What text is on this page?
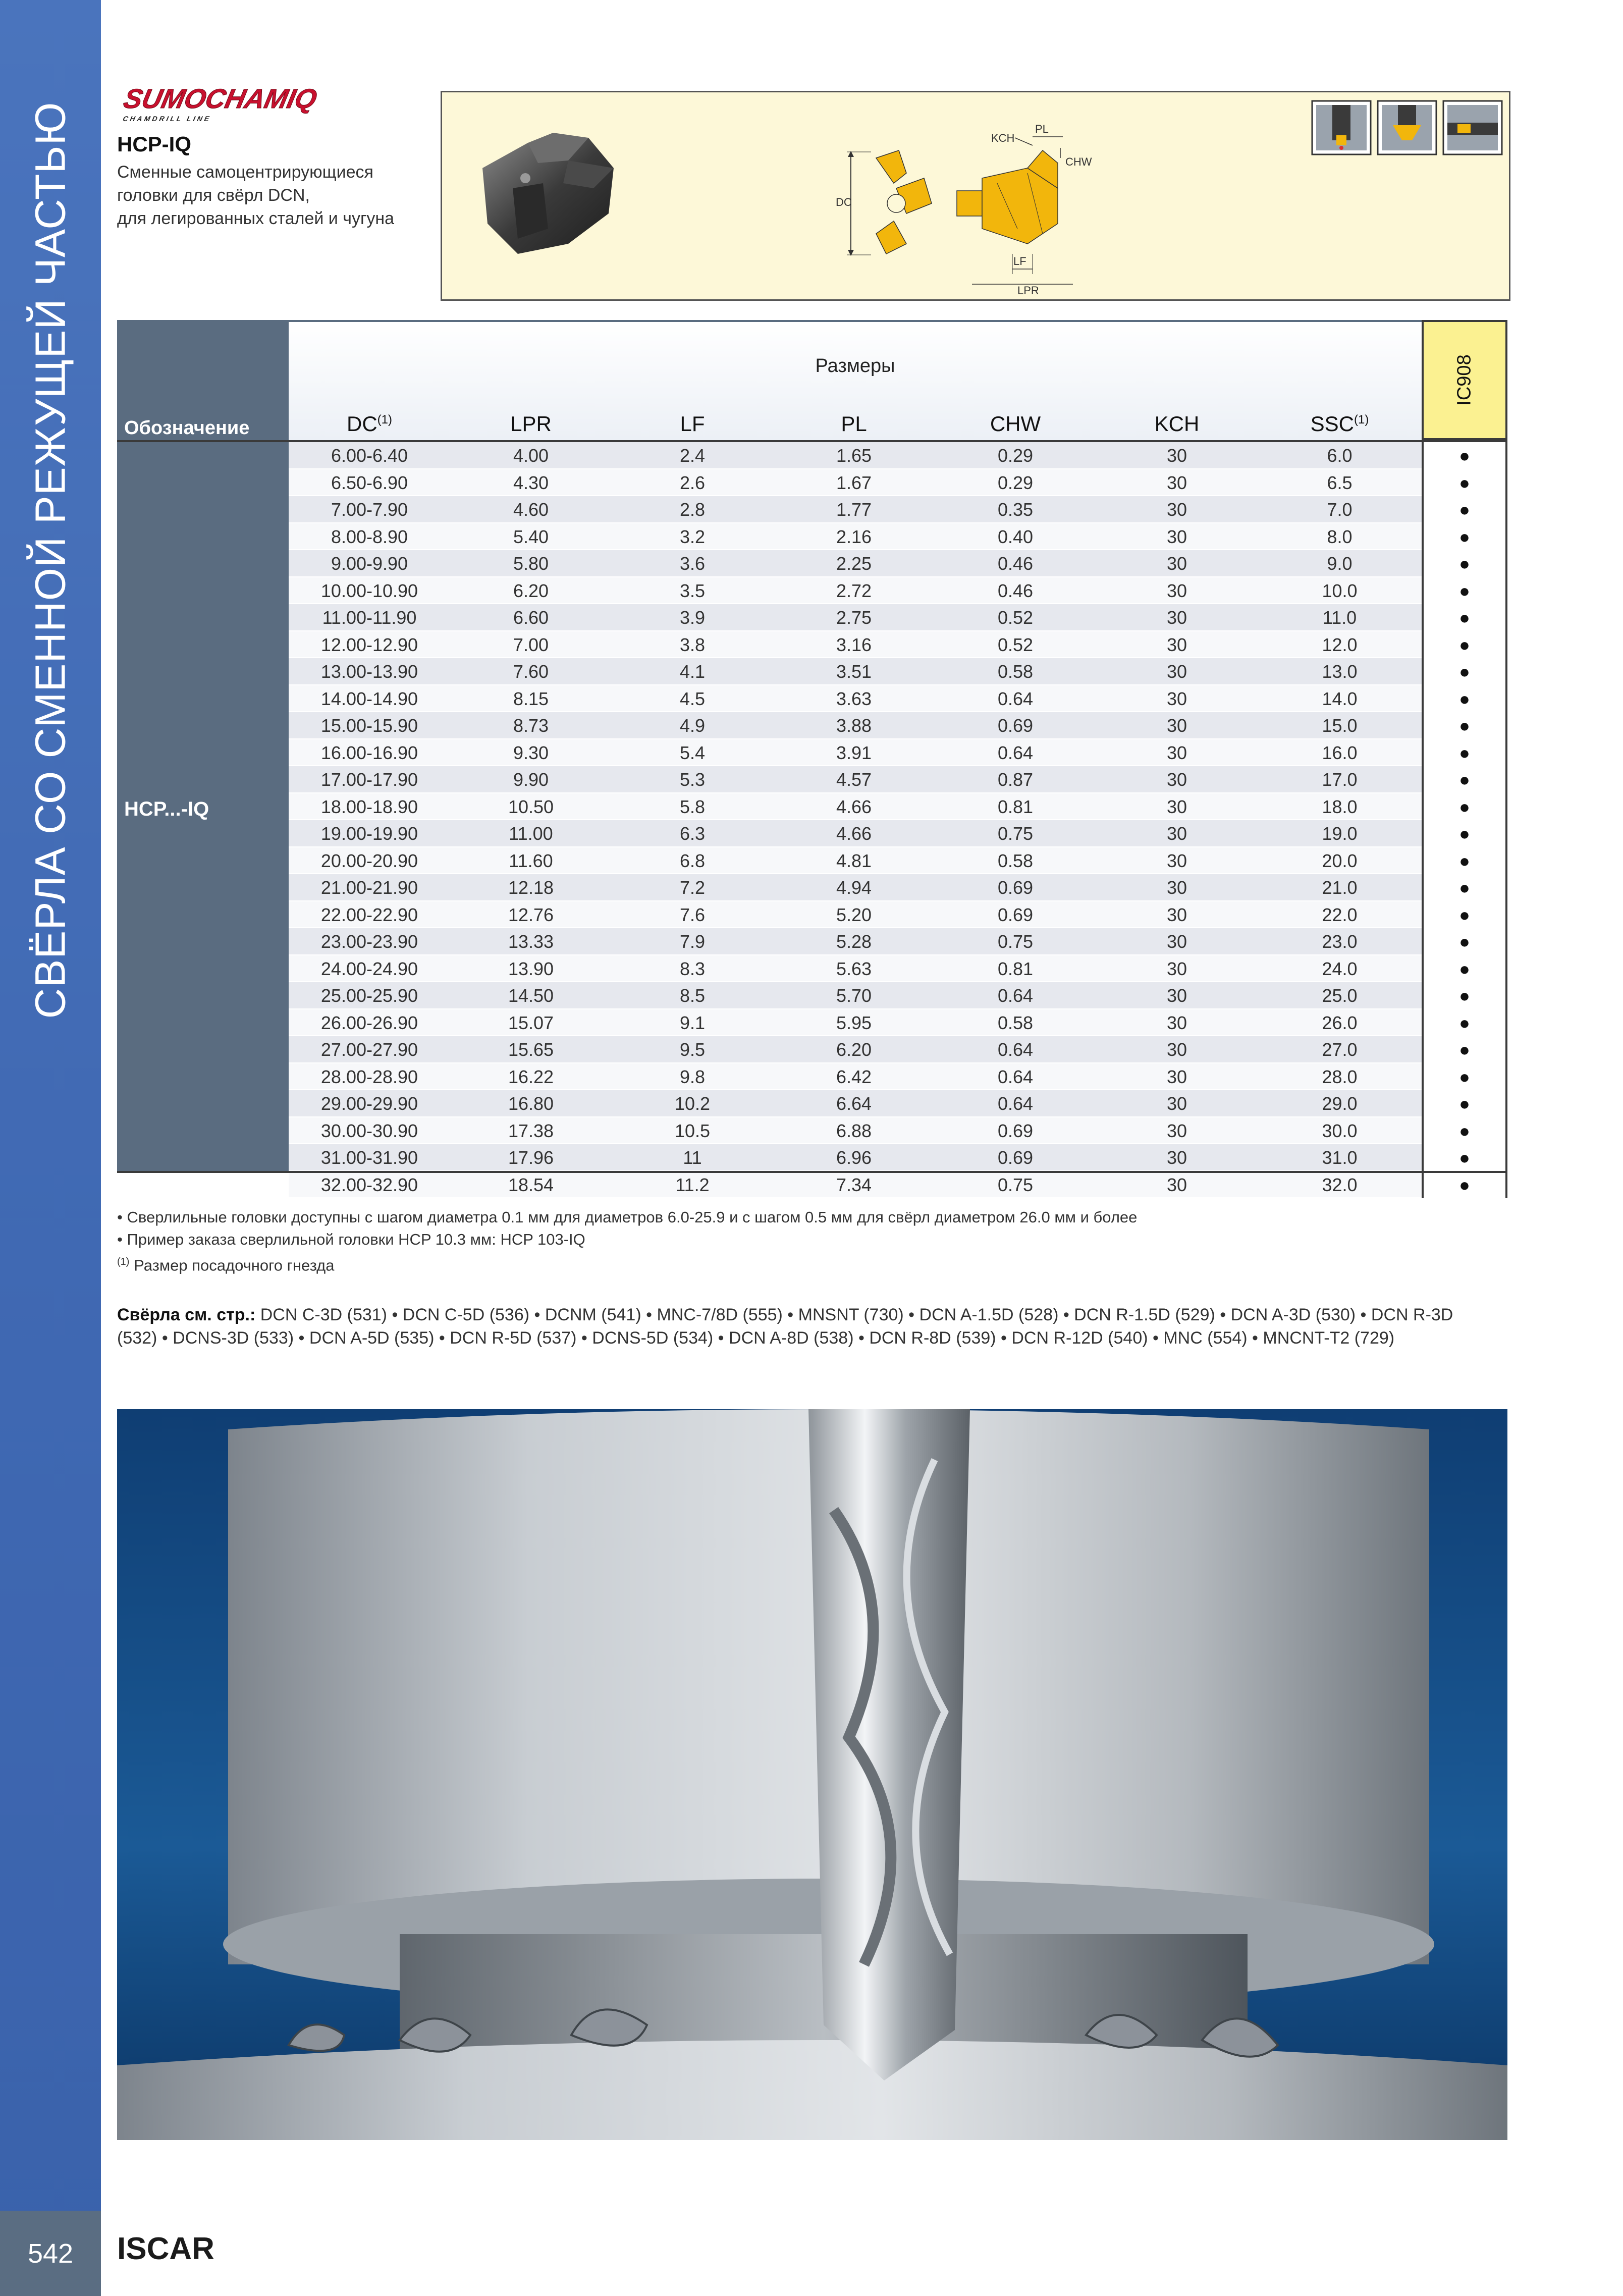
СВЁРЛА СО СМЕННОЙ РЕЖУЩЕЙ ЧАСТЬЮ
542	ISCAR
SUMOCHAMIQ
CHAMDRILL LINE
HCP-IQ
Сменные самоцентрирующиеся
головки для свёрл DCN,
для легированных сталей и чугуна
DC
PL
KCH
CHW
LF
LPR
Обозначение
Размеры
DC$^{(1)}$	LPR	LF	PL	CHW	KCH	SSC$^{(1)}$
IC908
HCP...-IQ
6.00-6.40	4.00	2.4	1.65	0.29	30	6.0	●
6.50-6.90	4.30	2.6	1.67	0.29	30	6.5	●
7.00-7.90	4.60	2.8	1.77	0.35	30	7.0	●
8.00-8.90	5.40	3.2	2.16	0.40	30	8.0	●
9.00-9.90	5.80	3.6	2.25	0.46	30	9.0	●
10.00-10.90	6.20	3.5	2.72	0.46	30	10.0	●
11.00-11.90	6.60	3.9	2.75	0.52	30	11.0	●
12.00-12.90	7.00	3.8	3.16	0.52	30	12.0	●
13.00-13.90	7.60	4.1	3.51	0.58	30	13.0	●
14.00-14.90	8.15	4.5	3.63	0.64	30	14.0	●
15.00-15.90	8.73	4.9	3.88	0.69	30	15.0	●
16.00-16.90	9.30	5.4	3.91	0.64	30	16.0	●
17.00-17.90	9.90	5.3	4.57	0.87	30	17.0	●
18.00-18.90	10.50	5.8	4.66	0.81	30	18.0	●
19.00-19.90	11.00	6.3	4.66	0.75	30	19.0	●
20.00-20.90	11.60	6.8	4.81	0.58	30	20.0	●
21.00-21.90	12.18	7.2	4.94	0.69	30	21.0	●
22.00-22.90	12.76	7.6	5.20	0.69	30	22.0	●
23.00-23.90	13.33	7.9	5.28	0.75	30	23.0	●
24.00-24.90	13.90	8.3	5.63	0.81	30	24.0	●
25.00-25.90	14.50	8.5	5.70	0.64	30	25.0	●
26.00-26.90	15.07	9.1	5.95	0.58	30	26.0	●
27.00-27.90	15.65	9.5	6.20	0.64	30	27.0	●
28.00-28.90	16.22	9.8	6.42	0.64	30	28.0	●
29.00-29.90	16.80	10.2	6.64	0.64	30	29.0	●
30.00-30.90	17.38	10.5	6.88	0.69	30	30.0	●
31.00-31.90	17.96	11	6.96	0.69	30	31.0	●
32.00-32.90	18.54	11.2	7.34	0.75	30	32.0	●
• Сверлильные головки доступны с шагом диаметра 0.1 мм для диаметров 6.0-25.9 и с шагом 0.5 мм для свёрл диаметром 26.0 мм и более
• Пример заказа сверлильной головки HCP 10.3 мм: HCP 103-IQ
$^{(1)}$ Размер посадочного гнезда
Свёрла см. стр.: DCN C-3D (531) • DCN C-5D (536) • DCNM (541) • MNC-7/8D (555) • MNSNT (730) • DCN A-1.5D (528) • DCN R-1.5D (529) • DCN A-3D (530) • DCN R-3D (532) • DCNS-3D (533) • DCN A-5D (535) • DCN R-5D (537) • DCNS-5D (534) • DCN A-8D (538) • DCN R-8D (539) • DCN R-12D (540) • MNC (554) • MNCNT-T2 (729)
